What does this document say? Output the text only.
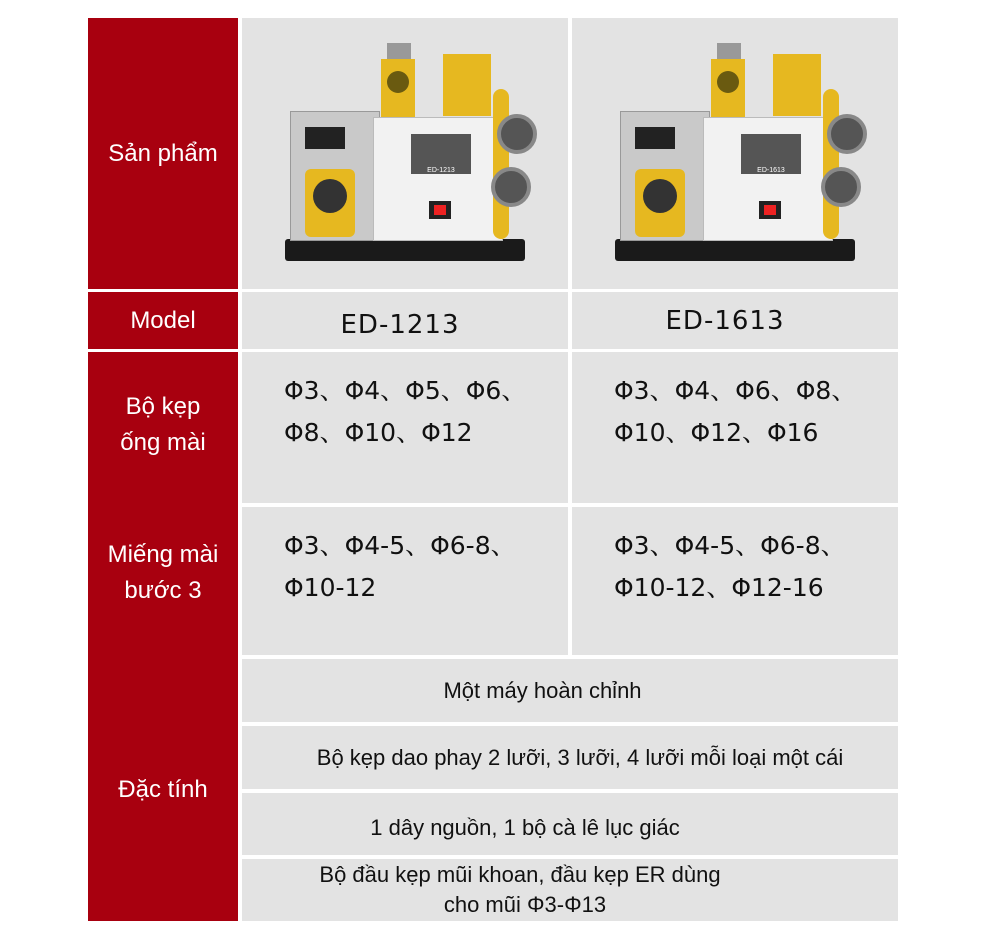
Sản phẩm
Model
Bộ kẹp ống mài
Miếng mài bước 3
Đặc tính
ED-1213	ED-1613
ED-1213	ED-1613
Φ3、Φ4、Φ5、Φ6、
Φ8、Φ10、Φ12
Φ3、Φ4、Φ6、Φ8、
Φ10、Φ12、Φ16
Φ3、Φ4-5、Φ6-8、
Φ10-12
Φ3、Φ4-5、Φ6-8、
Φ10-12、Φ12-16
Một máy hoàn chỉnh
Bộ kẹp dao phay 2 lưỡi, 3 lưỡi, 4 lưỡi mỗi loại một cái
1 dây nguồn, 1 bộ cà lê lục giác
Bộ đầu kẹp mũi khoan, đầu kẹp ER dùng
cho mũi Φ3-Φ13
